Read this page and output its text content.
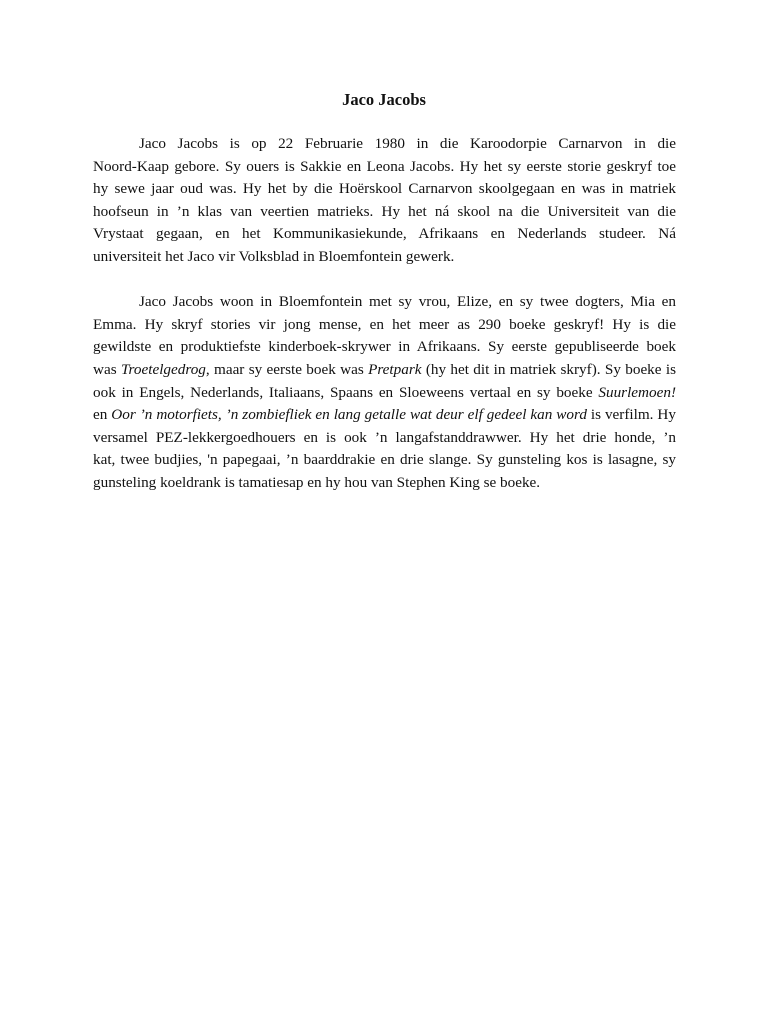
Jaco Jacobs

Jaco Jacobs is op 22 Februarie 1980 in die Karoodorpie Carnarvon in die
Noord-Kaap gebore. Sy ouers is Sakkie en Leona Jacobs. Hy het sy eerste storie geskryf toe
hy sewe jaar oud was. Hy het by die Hoërskool Carnarvon skoolgegaan en was in matriek
hoofseun in ’n klas van veertien matrieks. Hy het ná skool na die Universiteit van die
Vrystaat gegaan, en het Kommunikasiekunde, Afrikaans en Nederlands studeer. Ná
universiteit het Jaco vir Volksblad in Bloemfontein gewerk.

Jaco Jacobs woon in Bloemfontein met sy vrou, Elize, en sy twee dogters, Mia en
Emma. Hy skryf stories vir jong mense, en het meer as 290 boeke geskryf! Hy is die
gewildste en produktiefste kinderboek-skrywer in Afrikaans. Sy eerste gepubliseerde boek
was Troetelgedrog, maar sy eerste boek was Pretpark (hy het dit in matriek skryf). Sy boeke is
ook in Engels, Nederlands, Italiaans, Spaans en Sloeweens vertaal en sy boeke Suurlemoen!
en Oor ’n motorfiets, ’n zombiefliek en lang getalle wat deur elf gedeel kan word is verfilm. Hy
versamel PEZ-lekkergoedhouers en is ook ’n langafstanddrawwer. Hy het drie honde, ’n
kat, twee budjies, 'n papegaai, ’n baarddrakie en drie slange. Sy gunsteling kos is lasagne, sy
gunsteling koeldrank is tamatiesap en hy hou van Stephen King se boeke.
